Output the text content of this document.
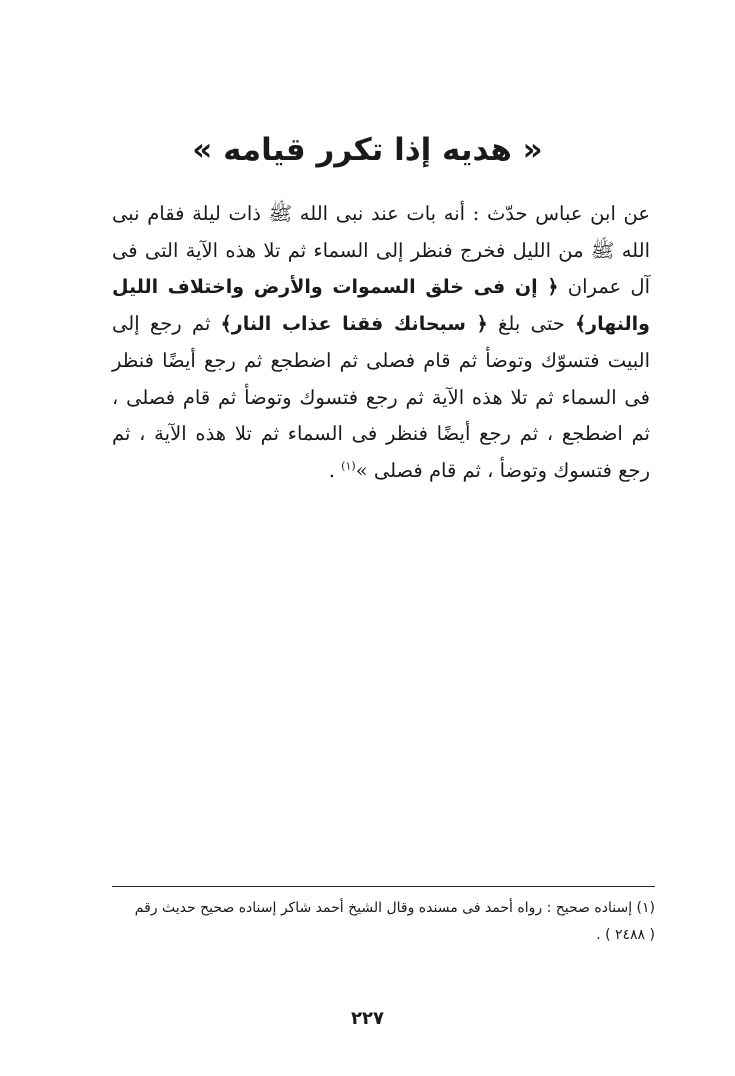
« هديه إذا تكرر قيامه »
عن ابن عباس حدّث : أنه بات عند نبى الله ﷺ ذات ليلة فقام نبى الله ﷺ من الليل فخرج فنظر إلى السماء ثم تلا هذه الآية التى فى آل عمران ﴿ إن فى خلق السموات والأرض واختلاف الليل والنهار﴾ حتى بلغ ﴿ سبحانك فقنا عذاب النار﴾ ثم رجع إلى البيت فتسوّك وتوضأ ثم قام فصلى ثم اضطجع ثم رجع أيضًا فنظر فى السماء ثم تلا هذه الآية ثم رجع فتسوك وتوضأ ثم قام فصلى ، ثم اضطجع ، ثم رجع أيضًا فنظر فى السماء ثم تلا هذه الآية ، ثم رجع فتسوك وتوضأ ، ثم قام فصلى »$^{(١)}$ .
(١) إسناده صحيح : رواه أحمد فى مسنده وقال الشيخ أحمد شاكر إسناده صحيح حديث رقم
( ٢٤٨٨ ) .
٢٢٧
